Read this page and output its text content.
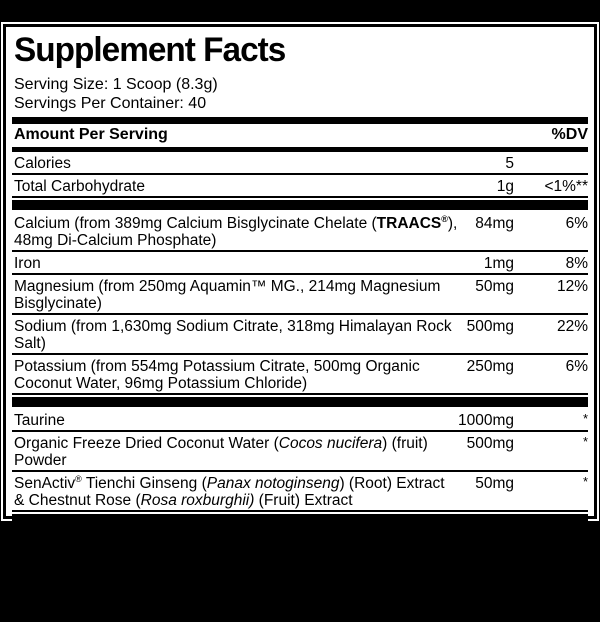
Supplement Facts
Serving Size: 1 Scoop (8.3g)
Servings Per Container: 40
Amount Per Serving	%DV
Calories	5
Total Carbohydrate	1g <1%**
Calcium (from 389mg Calcium Bisglycinate Chelate (TRAACS®),
48mg Di-Calcium Phosphate)
84mg	6%
Iron	1mg	8%
Magnesium (from 250mg Aquamin™ MG., 214mg Magnesium
Bisglycinate)
50mg	12%
Sodium (from 1,630mg Sodium Citrate, 318mg Himalayan Rock Salt)
500mg	22%
Potassium (from 554mg Potassium Citrate, 500mg Organic
Coconut Water, 96mg Potassium Chloride)
250mg	6%
Taurine	1000mg	*
Organic Freeze Dried Coconut Water (Cocos nucifera) (fruit) Powder
500mg	*
SenActiv® Tienchi Ginseng (Panax notoginseng) (Root) Extract
& Chestnut Rose (Rosa roxburghii) (Fruit) Extract
50mg	*
*Daily Value not established **Percent Daily Values are based on a 2,000 calorie diet.
